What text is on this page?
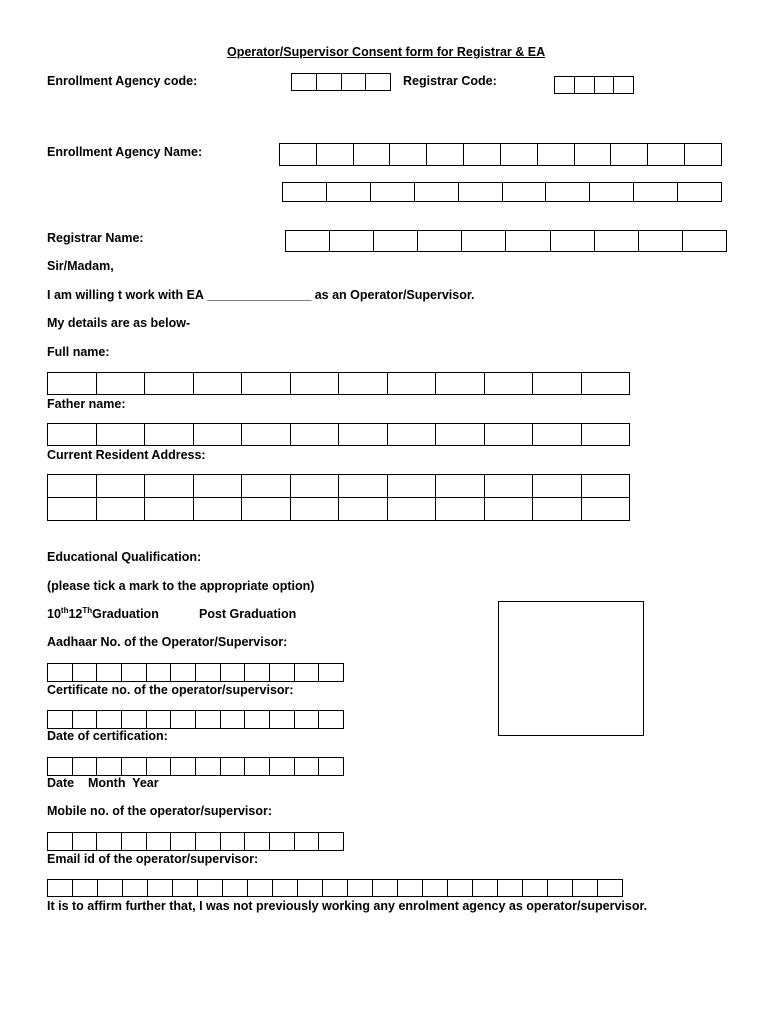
Operator/Supervisor Consent form for Registrar & EA
Enrollment Agency code:	Registrar Code:
Enrollment Agency Name:
Registrar Name:
Sir/Madam,
I am willing t work with EA _______________ as an Operator/Supervisor.
My details are as below-
Full name:
Father name:
Current Resident Address:
Educational Qualification:
(please tick a mark to the appropriate option)
10th12ThGraduation	Post Graduation
Aadhaar No. of the Operator/Supervisor:
Certificate no. of the operator/supervisor:
Date of certification:
Date    Month  Year
Mobile no. of the operator/supervisor:
Email id of the operator/supervisor:
It is to affirm further that, I was not previously working any enrolment agency as operator/supervisor.
